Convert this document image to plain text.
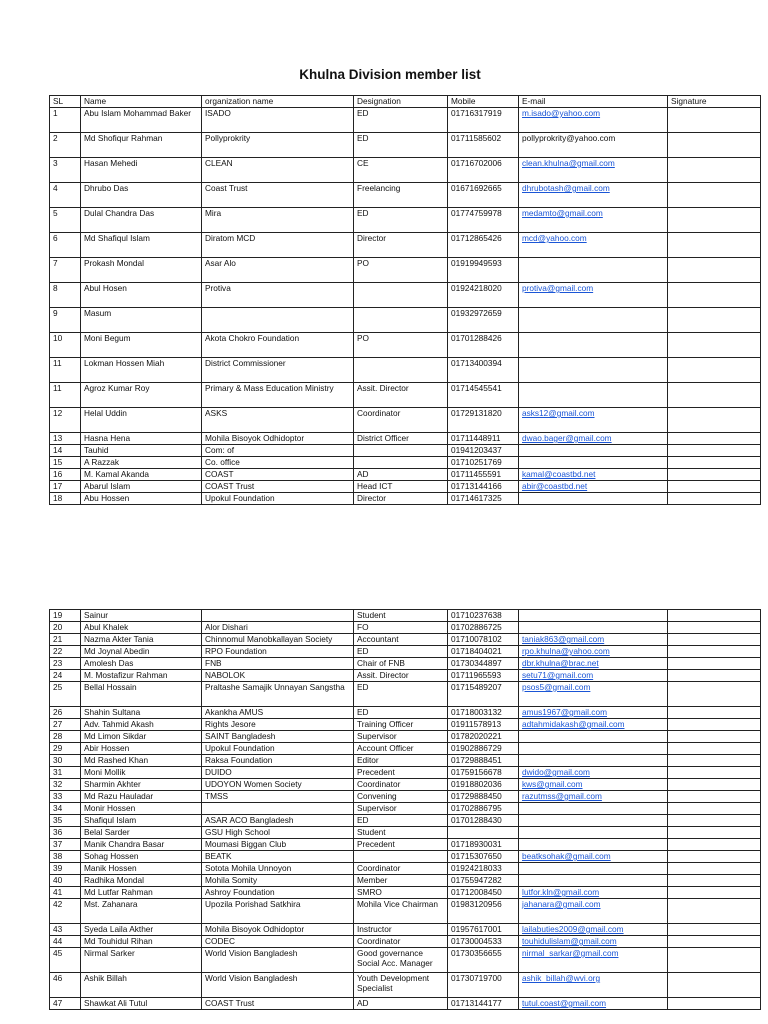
Khulna Division member list
SL	Name	organization name	Designation	Mobile	E-mail	Signature
1	Abu Islam Mohammad Baker	ISADO	ED	01716317919	m.isado@yahoo.com	
2	Md Shofiqur Rahman	Pollyprokrity	ED	01711585602	pollyprokrity@yahoo.com	
3	Hasan Mehedi	CLEAN	CE	01716702006	clean.khulna@gmail.com	
4	Dhrubo Das	Coast Trust	Freelancing	01671692665	dhrubotash@gmail.com	
5	Dulal Chandra Das	Mira	ED	01774759978	medamto@gmail.com	
6	Md Shafiqul Islam	Diratom MCD	Director	01712865426	mcd@yahoo.com	
7	Prokash Mondal	Asar Alo	PO	01919949593		
8	Abul Hosen	Protiva		01924218020	protiva@gmail.com	
9	Masum			01932972659		
10	Moni Begum	Akota Chokro Foundation	PO	01701288426		
11	Lokman Hossen Miah	District Commissioner		01713400394		
11	Agroz Kumar Roy	Primary & Mass Education Ministry	Assit. Director	01714545541		
12	Helal Uddin	ASKS	Coordinator	01729131820	asks12@gmail.com	
13	Hasna Hena	Mohila Bisoyok Odhidoptor	District Officer	01711448911	dwao.bager@gmail.com	
14	Tauhid	Com: of		01941203437		
15	A Razzak	Co. office		01710251769		
16	M. Kamal Akanda	COAST	AD	01711455591	kamal@coastbd.net	
17	Abarul Islam	COAST Trust	Head ICT	01713144166	abir@coastbd.net	
18	Abu Hossen	Upokul Foundation	Director	01714617325		
19	Sainur		Student	01710237638		
20	Abul Khalek	Alor Dishari	FO	01702886725		
21	Nazma Akter Tania	Chinnomul Manobkallayan Society	Accountant	01710078102	taniak863@gmail.com	
22	Md Joynal Abedin	RPO Foundation	ED	01718404021	rpo.khulna@yahoo.com	
23	Amolesh Das	FNB	Chair of FNB	01730344897	dbr.khulna@brac.net	
24	M. Mostafizur Rahman	NABOLOK	Assit. Director	01711965593	setu71@gmail.com	
25	Bellal Hossain	Praltashe Samajik Unnayan Sangstha	ED	01715489207	psos5@gmail.com	
26	Shahin Sultana	Akankha AMUS	ED	01718003132	amus1967@gmail.com	
27	Adv. Tahmid Akash	Rights Jesore	Training Officer	01911578913	adtahmidakash@gmail.com	
28	Md Limon Sikdar	SAINT Bangladesh	Supervisor	01782020221		
29	Abir Hossen	Upokul Foundation	Account Officer	01902886729		
30	Md Rashed Khan	Raksa Foundation	Editor	01729888451		
31	Moni Mollik	DUIDO	Precedent	01759156678	dwido@gmail.com	
32	Sharmin Akhter	UDOYON Women Society	Coordinator	01918802036	kws@gmail.com	
33	Md Razu Hauladar	TMSS	Convening	01729888450	razutmss@gmail.com	
34	Monir Hossen		Supervisor	01702886795		
35	Shafiqul Islam	ASAR ACO Bangladesh	ED	01701288430		
36	Belal Sarder	GSU High School	Student			
37	Manik Chandra Basar	Moumasi Biggan Club	Precedent	01718930031		
38	Sohag Hossen	BEATK		01715307650	beatksohak@gmail.com	
39	Manik Hossen	Sotota Mohila Unnoyon	Coordinator	01924218033		
40	Radhika Mondal	Mohila Somity	Member	01755947282		
41	Md Lutfar Rahman	Ashroy Foundation	SMRO	01712008450	lutfor.kln@gmail.com	
42	Mst. Zahanara	Upozila Porishad Satkhira	Mohila Vice Chairman	01983120956	jahanara@gmail.com	
43	Syeda Laila Akther	Mohila Bisoyok Odhidoptor	Instructor	01957617001	lailabuties2009@gmail.com	
44	Md Touhidul Rihan	CODEC	Coordinator	01730004533	touhidulislam@gmail.com	
45	Nirmal Sarker	World Vision Bangladesh	Good governance Social Acc. Manager	01730356655	nirmal_sarkar@gmail.com	
46	Ashik Billah	World Vision Bangladesh	Youth Development Specialist	01730719700	ashik_billah@wvi.org	
47	Shawkat Ali Tutul	COAST Trust	AD	01713144177	tutul.coast@gmail.com	
